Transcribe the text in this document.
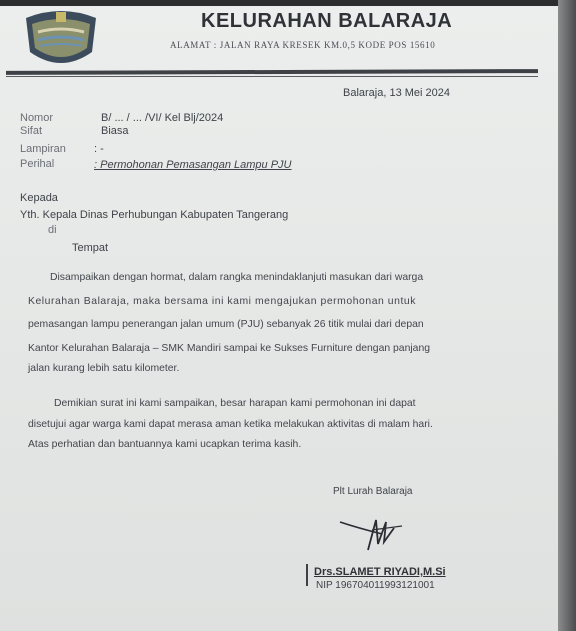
KELURAHAN BALARAJA
ALAMAT : JALAN RAYA KRESEK KM.0,5 KODE POS 15610
Balaraja, 13 Mei 2024
Nomor	B/ ... / ... /VI/ Kel Blj/2024
Sifat	Biasa
Lampiran	: -
Perihal	: Permohonan Pemasangan Lampu PJU
Kepada
Yth. Kepala Dinas Perhubungan Kabupaten Tangerang
di
Tempat
Disampaikan dengan hormat, dalam rangka menindaklanjuti masukan dari warga
Kelurahan Balaraja, maka bersama ini kami mengajukan permohonan untuk
pemasangan lampu penerangan jalan umum (PJU) sebanyak 26 titik mulai dari depan
Kantor Kelurahan Balaraja – SMK Mandiri sampai ke Sukses Furniture dengan panjang
jalan kurang lebih satu kilometer.
Demikian surat ini kami sampaikan, besar harapan kami permohonan ini dapat
disetujui agar warga kami dapat merasa aman ketika melakukan aktivitas di malam hari.
Atas perhatian dan bantuannya kami ucapkan terima kasih.
Plt Lurah Balaraja
Drs.SLAMET RIYADI,M.Si
NIP 196704011993121001
